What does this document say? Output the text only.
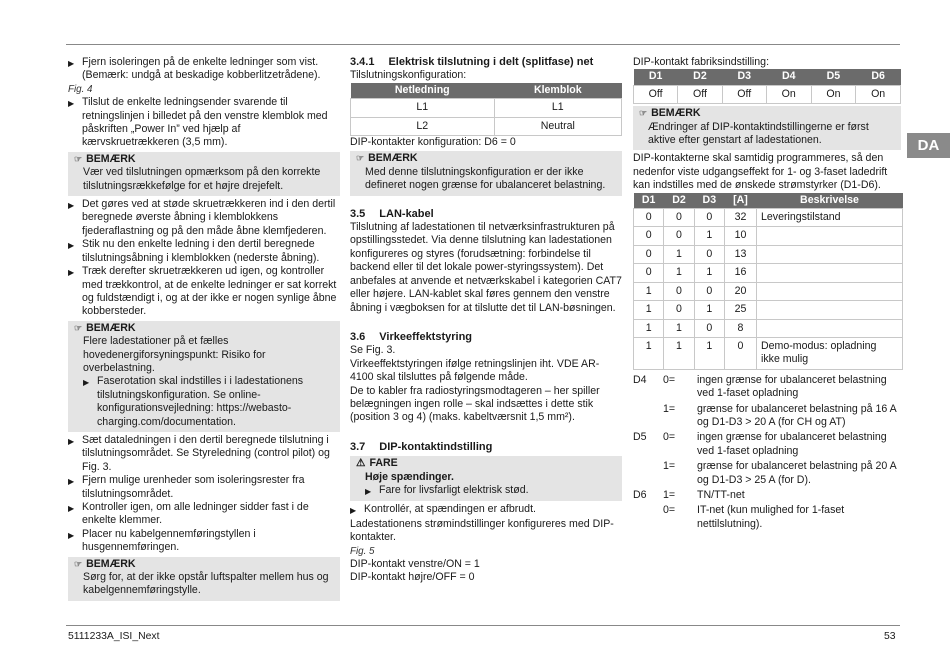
▶ Fjern isoleringen på de enkelte ledninger som vist. (Bemærk: undgå at beskadige kobberlitzetrådene).

Fig. 4

▶ Tilslut de enkelte ledningsender svarende til retningslinjen i billedet på den venstre klemblok med påskriften „Power In” ved hjælp af kærvskruetrækkeren (3,5 mm).

☞ BEMÆRK

Vær ved tilslutningen opmærksom på den korrekte tilslutningsrækkefølge for et højre drejefelt.

▶ Det gøres ved at støde skruetrækkeren ind i den dertil beregnede øverste åbning i klemblokkens fjederaflastning og på den måde åbne klemfjederen.

▶ Stik nu den enkelte ledning i den dertil beregnede tilslutningsåbning i klemblokken (nederste åbning).

▶ Træk derefter skruetrækkeren ud igen, og kontroller med trækkontrol, at de enkelte ledninger er sat korrekt og fuldstændigt i, og at der ikke er nogen synlige åbne kobbersteder.

☞ BEMÆRK

Flere ladestationer på et fælles hovedenergiforsyningspunkt: Risiko for overbelastning.

▶ Faserotation skal indstilles i i ladestationens tilslutningskonfiguration. Se online-konfigurationsvejledning: https://webasto-charging.com/documentation.

▶ Sæt dataledningen i den dertil beregnede tilslutning i tilslutningsområdet. Se Styreledning (control pilot) og Fig. 3.

▶ Fjern mulige urenheder som isoleringsrester fra tilslutningsområdet.

▶ Kontroller igen, om alle ledninger sidder fast i de enkelte klemmer.

▶ Placer nu kabelgennemføringstyllen i husgennemføringen.

☞ BEMÆRK

Sørg for, at der ikke opstår luftspalter mellem hus og kabelgennemføringstylle.

3.4.1 Elektrisk tilslutning i delt (splitfase) net

Tilslutningskonfiguration:

Netledning	Klemblok
L1	L1
L2	Neutral

DIP-kontakter konfiguration: D6 = 0

☞ BEMÆRK

Med denne tilslutningskonfiguration er der ikke defineret nogen grænse for ubalanceret belastning.

3.5 LAN-kabel

Tilslutning af ladestationen til netværksinfrastrukturen på opstillingsstedet. Via denne tilslutning kan ladestationen konfigureres og styres (forudsætning: forbindelse til backend eller til det lokale power-styringssystem). Det anbefales at anvende et netværkskabel i kategorien CAT7 eller højere. LAN-kablet skal føres gennem den venstre åbning i vægboksen for at tilslutte det til LAN-bøsningen.

3.6 Virkeeffektstyring

Se Fig. 3.

Virkeeffektstyringen ifølge retningslinjen iht. VDE AR-4100 skal tilsluttes på følgende måde.

De to kabler fra radiostyringsmodtageren – her spiller belægningen ingen rolle – skal indsættes i dette stik (position 3 og 4) (maks. kabeltværsnit 1,5 mm²).

3.7 DIP-kontaktindstilling
⚠ FARE

Høje spændinger.

▶ Fare for livsfarligt elektrisk stød.

▶ Kontrollér, at spændingen er afbrudt.

Ladestationens strømindstillinger konfigureres med DIP-kontakter.

Fig. 5

DIP-kontakt venstre/ON = 1

DIP-kontakt højre/OFF = 0

DIP-kontakt fabriksindstilling:

D1	D2	D3	D4	D5	D6
Off	Off	Off	On	On	On
☞ BEMÆRK

Ændringer af DIP-kontaktindstillingerne er først aktive efter genstart af ladestationen.

DIP-kontakterne skal samtidig programmeres, så den nedenfor viste udgangseffekt for 1- og 3-faset ladedrift kan indstilles med de ønskede strømstyrker (D1-D6).

D1	D2	D3	[A]	Beskrivelse
0	0	0	32	Leveringstilstand
0	0	1	10	
0	1	0	13	
0	1	1	16	
1	0	0	20	
1	0	1	25	
1	1	0	8	
1	1	1	0	Demo-modus: opladning ikke mulig
D4	0=	ingen grænse for ubalanceret belastning ved 1-faset opladning
1=	grænse for ubalanceret belastning på 16 A og D1-D3 > 20 A (for CH og AT)
D5	0=	ingen grænse for ubalanceret belastning ved 1-faset opladning
1=	grænse for ubalanceret belastning på 20 A og D1-D3 > 25 A (for D).
D6	1=	TN/TT-net
0=	IT-net (kun mulighed for 1-faset nettilslutning).
DA
5111233A_ISI_Next	53
